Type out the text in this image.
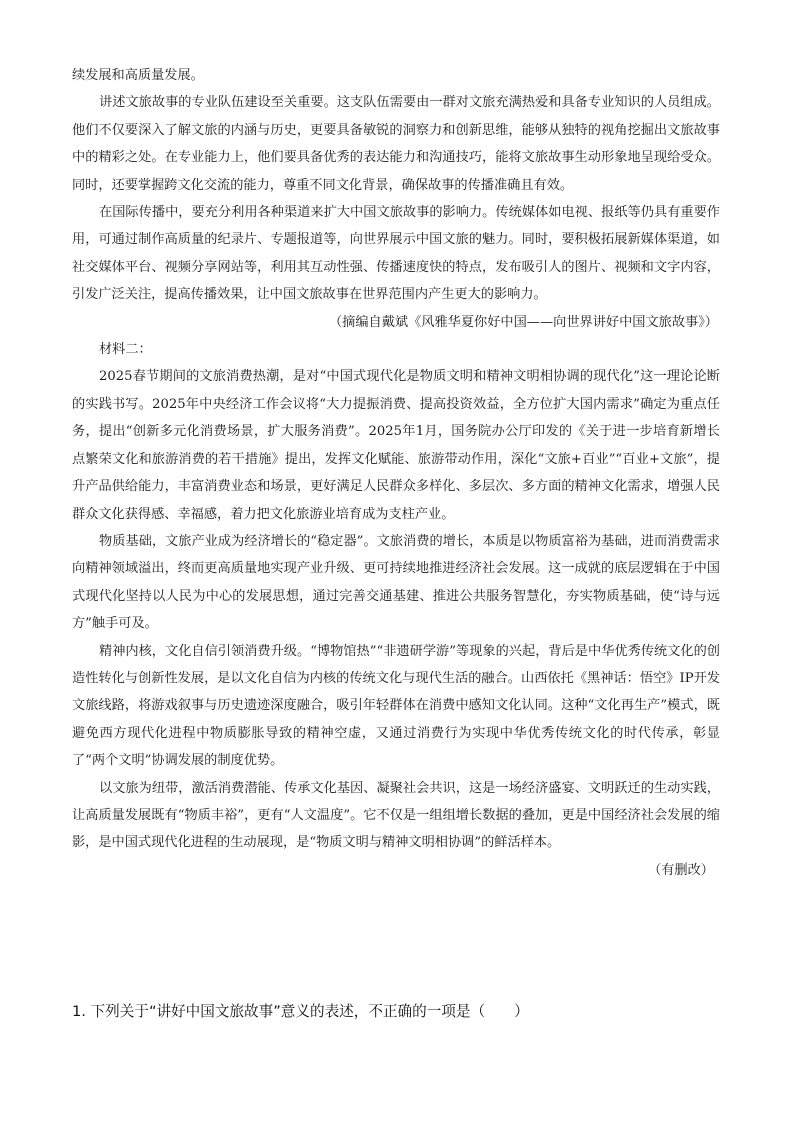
续发展和高质量发展。

讲述文旅故事的专业队伍建设至关重要。这支队伍需要由一群对文旅充满热爱和具备专业知识的人员组成。他们不仅要深入了解文旅的内涵与历史，更要具备敏锐的洞察力和创新思维，能够从独特的视角挖掘出文旅故事中的精彩之处。在专业能力上，他们要具备优秀的表达能力和沟通技巧，能将文旅故事生动形象地呈现给受众。同时，还要掌握跨文化交流的能力，尊重不同文化背景，确保故事的传播准确且有效。

在国际传播中，要充分利用各种渠道来扩大中国文旅故事的影响力。传统媒体如电视、报纸等仍具有重要作用，可通过制作高质量的纪录片、专题报道等，向世界展示中国文旅的魅力。同时，要积极拓展新媒体渠道，如社交媒体平台、视频分享网站等，利用其互动性强、传播速度快的特点，发布吸引人的图片、视频和文字内容，引发广泛关注，提高传播效果，让中国文旅故事在世界范围内产生更大的影响力。

（摘编自戴斌《风雅华夏你好中国——向世界讲好中国文旅故事》）

材料二：

2025春节期间的文旅消费热潮，是对“中国式现代化是物质文明和精神文明相协调的现代化”这一理论论断的实践书写。2025年中央经济工作会议将“大力提振消费、提高投资效益，全方位扩大国内需求”确定为重点任务，提出“创新多元化消费场景，扩大服务消费”。2025年1月，国务院办公厅印发的《关于进一步培育新增长点繁荣文化和旅游消费的若干措施》提出，发挥文化赋能、旅游带动作用，深化“文旅+百业”“百业+文旅”，提升产品供给能力，丰富消费业态和场景，更好满足人民群众多样化、多层次、多方面的精神文化需求，增强人民群众文化获得感、幸福感，着力把文化旅游业培育成为支柱产业。

物质基础，文旅产业成为经济增长的“稳定器”。文旅消费的增长，本质是以物质富裕为基础，进而消费需求向精神领域溢出，终而更高质量地实现产业升级、更可持续地推进经济社会发展。这一成就的底层逻辑在于中国式现代化坚持以人民为中心的发展思想，通过完善交通基建、推进公共服务智慧化，夯实物质基础，使“诗与远方”触手可及。

精神内核，文化自信引领消费升级。“博物馆热”“非遗研学游”等现象的兴起，背后是中华优秀传统文化的创造性转化与创新性发展，是以文化自信为内核的传统文化与现代生活的融合。山西依托《黑神话：悟空》IP开发文旅线路，将游戏叙事与历史遗迹深度融合，吸引年轻群体在消费中感知文化认同。这种“文化再生产”模式，既避免西方现代化进程中物质膨胀导致的精神空虚，又通过消费行为实现中华优秀传统文化的时代传承，彰显了“两个文明”协调发展的制度优势。

以文旅为纽带，激活消费潜能、传承文化基因、凝聚社会共识，这是一场经济盛宴、文明跃迁的生动实践，让高质量发展既有“物质丰裕”，更有“人文温度”。它不仅是一组组增长数据的叠加，更是中国经济社会发展的缩影，是中国式现代化进程的生动展现，是“物质文明与精神文明相协调”的鲜活样本。

（有删改）

1. 下列关于“讲好中国文旅故事”意义的表述，不正确的一项是（　　）
